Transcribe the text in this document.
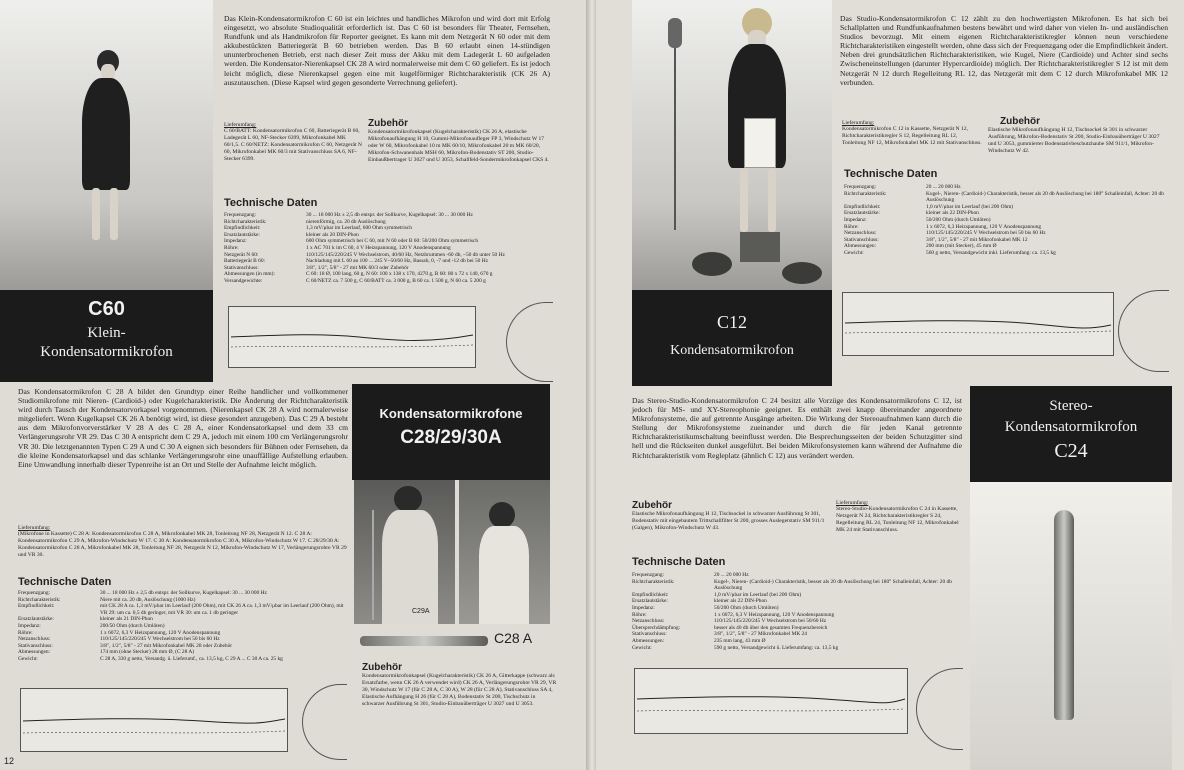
C60
Klein-
Kondensatormikrofon
Das Klein-Kondensatormikrofon C 60 ist ein leichtes und handliches Mikrofon und wird dort mit Erfolg eingesetzt, wo absolute Studioqualität erforderlich ist. Das C 60 ist besonders für Theater, Fernsehen, Rundfunk und als Handmikrofon für Reporter geeignet. Es kann mit dem Netzgerät N 60 oder mit dem akkubestückten Batteriegerät B 60 betrieben werden. Das B 60 erlaubt einen 14-stündigen ununterbrochenen Betrieb, erst nach dieser Zeit muss der Akku mit dem Ladegerät L 60 aufgeladen werden. Die Kondensator-Nierenkapsel CK 28 A wird normalerweise mit dem C 60 geliefert. Es ist jedoch leicht möglich, diese Nierenkapsel gegen eine mit kugelförmiger Richtcharakteristik (CK 26 A) auszutauschen. (Diese Kapsel wird gegen gesonderte Verrechnung geliefert).
Lieferumfang:
C 60/BATT: Kondensatormikrofon C 60, Batteriegerät B 60, Ladegerät L 60, NF-Stecker 6399, Mikrofonkabel MK 60/1,5. C 60/NETZ: Kondensatormikrofon C 60, Netzgerät N 60, Mikrofonkabel MK 60/3 mit Stativanschluss SA 6, NF-Stecker 6399.
Zubehör
Kondensatormikrofonkapsel (Kugelcharakteristik) CK 26 A, elastische Mikrofonaufhängung H 10, Gummi-Mikrofonaufleger FP 3, Windschutz W 17 oder W 60, Mikrofonkabel 10 m MK 60/10, Mikrofonkabel 20 m MK 60/20, Mikrofon-Schwanenhals MSH 60, Mikrofon-Bodenstativ ST 200, Studio-Einbaußbertrager U 3027 und U 3053, Schallfeld-Sondermikrofonkapsel CKS 4.
Technische Daten
Frequenzgang:	30 ... 18 000 Hz ± 2,5 db entspr. der Sollkurve, Kugelkapsel: 30 ... 30 000 Hz
Richtcharakteristik:	nierenförmig, ca. 20 db Auslöschung
Empfindlichkeit:	1,3 mV/μbar im Leerlauf, 600 Ohm symmetrisch
Ersatzlautstärke:	kleiner als 20 DIN-Phon
Impedanz:	600 Ohm symmetrisch bei C 60, mit N 60 oder B 60: 50/200 Ohm symmetrisch
Röhre:	1 x AC 701 k im C 60, 4 V Heizspannung, 120 V Anodenspannung
Netzgerät N 60:	110/125/145/220/245 V Wechselstrom, 40/60 Hz, Netzbrummen -60 db, ~50 db unter 50 Hz
Batteriegerät B 60:	Nachladung mit L 60 an 100 ... 245 V~50/60 Hz, Bassab, 0, -7 und -12 db bei 50 Hz
Stativanschluss:	3/8", 1/2", 5/8" - 27 mit MK 60/3 oder Zubehör
Abmessungen (in mm):	C 60: 18 Ø, 100 lang, 60 g, N 60: 100 x 138 x 170, 4270 g, B 60: 80 x 72 x 140, 670 g
Versandgewichte:	C 60/NETZ ca. 7 500 g, C 60/BATT ca. 3 000 g, B 60 ca. 1 500 g, N 60 ca. 5 200 g
Das Kondensatormikrofon C 28 A bildet den Grundtyp einer Reihe handlicher und vollkommener Studiomikrofone mit Nieren- (Cardioid-) oder Kugelcharakteristik. Die Änderung der Richtcharakteristik wird durch Tausch der Kondensatorvorkapsel vorgenommen. (Nierenkapsel CK 28 A wird normalerweise mitgeliefert. Wenn Kugelkapsel CK 26 A benötigt wird, ist diese gesondert anzugeben). Das C 29 A besteht aus dem Mikrofonvorverstärker V 28 A des C 28 A, einer Kondensatorkapsel und dem 33 cm Verlängerungsrohr VR 29. Das C 30 A entspricht dem C 29 A, jedoch mit einem 100 cm Verlängerungsrohr VR 30. Die letztgenannten Typen C 29 A und C 30 A eignen sich besonders für Bühnen oder Fernsehen, da die kleine Kondensatorkapsel und das schlanke Verlängerungsrohr eine unauffällige Aufstellung erlauben. Eine Umwandlung innerhalb dieser Typenreihe ist an Ort und Stelle der Aufnahme leicht möglich.
Lieferumfang:
(Mikrofone in Kassette) C 28 A: Kondensatormikrofon C 28 A, Mikrofonkabel MK 28, Tonleitung NF 28, Netzgerät N 12. C 28 A: Kondensatormikrofon C 29 A, Mikrofon-Windschutz W 17. C 30 A: Kondensatormikrofon C 30 A, Mikrofon-Windschutz W 17. C 28/29/30 A: Kondensatormikrofon C 28 A, Mikrofonkabel MK 28, Tonleitung NF 28, Netzgerät N 12, Mikrofon-Windschutz W 17, Verlängerungsrohre VR 29 und VR 30.
Technische Daten
Frequenzgang:	30 ... 18 000 Hz ± 2,5 db entspr. der Sollkurve, Kugelkapsel: 30 ... 30 000 Hz
Richtcharakteristik:	Niere mit ca. 20 db, Auslöschung (1000 Hz)
Empfindlichkeit:	mit CK 28 A ca. 1,3 mV/μbar im Leerlauf (200 Ohm), mit CK 26 A ca. 1,3 mV/μbar im Leerlauf (200 Ohm), mit VR 29: um ca. 0,5 db geringer, mit VR 30: um ca. 1 db geringer
Ersatzlautstärke:	kleiner als 21 DIN-Phon
Impedanz:	200/50 Ohm (durch Umlöten)
Röhre:	1 x 6072, 6,3 V Heizspannung, 120 V Anodenspannung
Netzanschluss:	110/125/145/220/245 V Wechselstrom bei 50 bis 60 Hz
Stativanschluss:	3/8", 1/2", 5/8" - 27 mit Mikrofonkabel MK 28 oder Zubehör
Abmessungen:	174 mm (ohne Stecker) 28 mm Ø, (C 28 A)
Gewicht:	C 28 A, 330 g netto, Versandg. ü. Lieferumf., ca. 13,5 kg, C 29 A ... C 30 A ca. 25 kg
Kondensatormikrofone
C28/29/30A
C29A
C28 A
Zubehör
Kondensatormikrofonkapsel (Kugelcharakteristik) CK 26 A, Gitterkappe (schwarz als Ersatzfarbe, wenn CK 26 A verwendet wird) CK 26 A, Verlängerungsrohre VR 29, VR 30, Windschutz W 17 (für C 28 A, C 30 A), W 28 (für C 28 A), Stativanschluss SA 4, Elastische Aufhängung H 26 (für C 28 A), Bodenstativ St 200, Tischschutz in schwarzer Ausführung St 301, Studio-Einbauüberträger U 3027 und U 3053.
12
C12
Kondensatormikrofon
Das Studio-Kondensatormikrofon C 12 zählt zu den hochwertigsten Mikrofonen. Es hat sich bei Schallplatten und Rundfunkaufnahmen bestens bewährt und wird daher von vielen In- und ausländischen Studios bevorzugt. Mit einem eigenen Richtcharakteristikregler können neun verschiedene Richtcharakteristiken eingestellt werden, ohne dass sich der Frequenzgang oder die Empfindlichkeit ändert. Neben drei grundsätzlichen Richtcharakteristiken, wie Kugel, Niere (Cardioide) und Achter sind sechs Zwischeneinstellungen (darunter Hypercardioide) möglich. Der Richtcharakteristikregler S 12 ist mit dem Netzgerät N 12 durch Regelleitung RL 12, das Netzgerät mit dem C 12 durch Mikrofonkabel MK 12 verbunden.
Lieferumfang:
Kondensatormikrofon C 12 in Kassette, Netzgerät N 12, Richtcharakteristikregler S 12, Regelleitung RL 12, Tonleitung NF 12, Mikrofonkabel MK 12 mit Stativanschluss.
Zubehör
Elastische Mikrofonaufhängung H 12, Tischsockel St 301 in schwarzer Ausführung, Mikrofon-Bodenstativ St 200, Studio-Einbauüberträger U 3027 und U 3053, gummierter Bodenstativbeschutzhaube SM 911/1, Mikrofon-Windschutz W 42.
Technische Daten
Frequenzgang:	20 ... 20 000 Hz
Richtcharakteristik:	Kugel-, Nieren- (Cardioid-) Charakteristik, besser als 20 db Auslöschung bei 180° Schalleinfall, Achter: 20 db Auslöschung
Empfindlichkeit:	1,0 mV/μbar im Leerlauf (bei 200 Ohm)
Ersatzlautstärke:	kleiner als 22 DIN-Phon
Impedanz:	50/200 Ohm (durch Umlöten)
Röhre:	1 x 6072, 6,3 Heizspannung, 120 V Anodenspannung
Netzanschluss:	110/125/145/220/245 V Wechselstrom bei 50 bis 60 Hz
Stativanschluss:	3/8", 1/2", 5/8" - 27 mit Mikrofonkabel MK 12
Abmessungen:	200 mm (mit Stecker), 45 mm Ø
Gewicht:	560 g netto, Versandgewicht inkl. Lieferumfang: ca. 13,5 kg
Das Stereo-Studio-Kondensatormikrofon C 24 besitzt alle Vorzüge des Kondensatormikrofons C 12, ist jedoch für MS- und XY-Stereophonie geeignet. Es enthält zwei knapp übereinander angeordnete Mikrofonsysteme, die auf getrennte Ausgänge arbeiten. Die Wirkung der Stereoaufnahmen kann durch die Stellung der Mikrofonsysteme zueinander und durch die für jeden Kanal getrennte Richtcharakteristikumschaltung beeinflusst werden. Die Besprechungsseiten der beiden Schutzgitter sind hell und die Rückseiten dunkel ausgeführt. Bei beiden Mikrofonsystemen kann während der Aufnahme die Richtcharakteristik vom Regleplatz (ähnlich C 12) aus verändert werden.
Zubehör
Elastische Mikrofonaufhängung H 12, Tischsockel in schwarzer Ausführung St 301, Bodenstativ mit eingebautem Trittschallfilter St 200, grosses Auslegerstativ SM 911/1 (Galgen), Mikrofon-Windschutz W 43.
Lieferumfang:
Stereo-Studio-Kondensatormikrofon C 24 in Kassette, Netzgerät N 24, Richtcharakteristikregler S 24, Regelleitung RL 24, Tonleitung NF 12, Mikrofonkabel MK 24 mit Stativanschluss.
Technische Daten
Frequenzgang:	20 ... 20 000 Hz
Richtcharakteristik:	Kugel-, Nieren- (Cardioid-) Charakteristik, besser als 20 db Auslöschung bei 180° Schalleinfall, Achter: 20 db Auslöschung
Empfindlichkeit:	1,0 mV/μbar im Leerlauf (bei 200 Ohm)
Ersatzlautstärke:	kleiner als 22 DIN-Phon
Impedanz:	50/200 Ohm (durch Umlöten)
Röhre:	1 x 6072, 6,3 V Heizspannung, 120 V Anodenspannung
Netzanschluss:	110/125/145/220/245 V Wechselstrom bei 50/60 Hz
Übersprechdämpfung:	besser als 40 db über den gesamten Frequenzbereich
Stativanschluss:	3/8", 1/2", 5/8" - 27 Mikrofonkabel MK 24
Abmessungen:	235 mm lang, 43 mm Ø
Gewicht:	590 g netto, Versandgewicht ü. Lieferumfang: ca. 13,5 kg
Stereo-
Kondensatormikrofon
C24
